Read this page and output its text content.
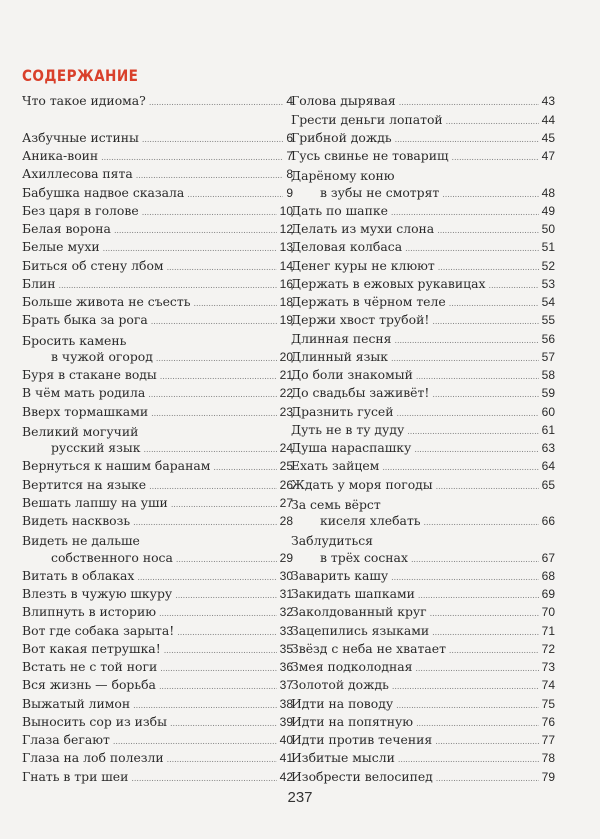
СОДЕРЖАНИЕ
Что такое идиома? . . .	4
Азбучные истины . . .	6
Аника-воин . . .	7
Ахиллесова пята . . .	8
Бабушка надвое сказала . . .	9
Без царя в голове . . .	10
Белая ворона . . .	12
Белые мухи . . .	13
Биться об стену лбом . . .	14
Блин . . .	16
Больше живота не съесть . . .	18
Брать быка за рога . . .	19
Бросить камень
в чужой огород . . .	20
Буря в стакане воды . . .	21
В чём мать родила . . .	22
Вверх тормашками . . .	23
Великий могучий
русский язык . . .	24
Вернуться к нашим баранам . . .	25
Вертится на языке . . .	26
Вешать лапшу на уши . . .	27
Видеть насквозь . . .	28
Видеть не дальше
собственного носа . . .	29
Витать в облаках . . .	30
Влезть в чужую шкуру . . .	31
Влипнуть в историю . . .	32
Вот где собака зарыта! . . .	33
Вот какая петрушка! . . .	35
Встать не с той ноги . . .	36
Вся жизнь — борьба . . .	37
Выжатый лимон . . .	38
Выносить сор из избы . . .	39
Глаза бегают . . .	40
Глаза на лоб полезли . . .	41
Гнать в три шеи . . .	42
Голова дырявая . . .	43
Грести деньги лопатой . . .	44
Грибной дождь . . .	45
Гусь свинье не товарищ . . .	47
Дарёному коню
в зубы не смотрят . . .	48
Дать по шапке . . .	49
Делать из мухи слона . . .	50
Деловая колбаса . . .	51
Денег куры не клюют . . .	52
Держать в ежовых рукавицах . . .	53
Держать в чёрном теле . . .	54
Держи хвост трубой! . . .	55
Длинная песня . . .	56
Длинный язык . . .	57
До боли знакомый . . .	58
До свадьбы заживёт! . . .	59
Дразнить гусей . . .	60
Дуть не в ту дуду . . .	61
Душа нараспашку . . .	63
Ехать зайцем . . .	64
Ждать у моря погоды . . .	65
За семь вёрст
киселя хлебать . . .	66
Заблудиться
в трёх соснах . . .	67
Заварить кашу . . .	68
Закидать шапками . . .	69
Заколдованный круг . . .	70
Зацепились языками . . .	71
Звёзд с неба не хватает . . .	72
Змея подколодная . . .	73
Золотой дождь . . .	74
Идти на поводу . . .	75
Идти на попятную . . .	76
Идти против течения . . .	77
Избитые мысли . . .	78
Изобрести велосипед . . .	79
237
